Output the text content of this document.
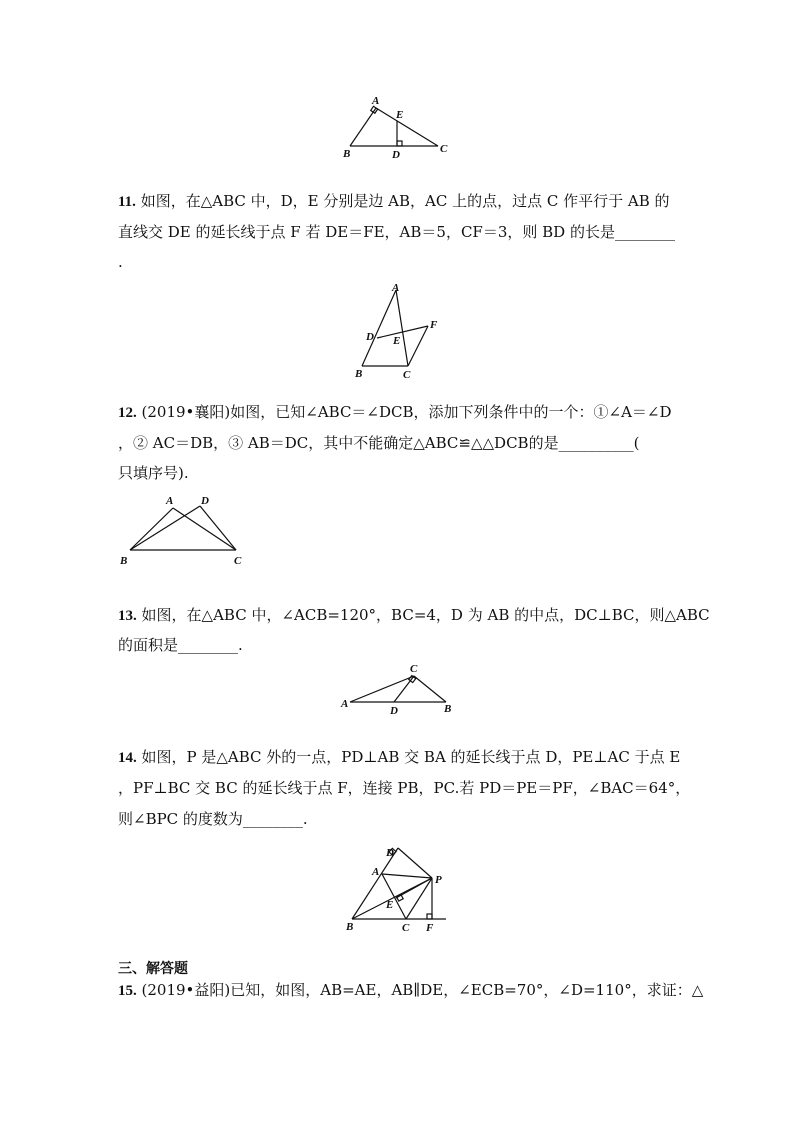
A
E
B	D	C
11. 如图，在△ABC 中，D，E 分别是边 AB，AC 上的点，过点 C 作平行于 AB 的
直线交 DE 的延长线于点 F 若 DE＝FE，AB＝5，CF＝3，则 BD 的长是________
.
A
D E
F
B	C
12. (2019•襄阳)如图，已知∠ABC＝∠DCB，添加下列条件中的一个：①∠A＝∠D
，② AC＝DB，③ AB＝DC，其中不能确定△ABC≌△△DCB的是__________(
只填序号).
A	D
B	C
13. 如图，在△ABC 中，∠ACB=120°，BC=4，D 为 AB 的中点，DC⊥BC，则△ABC
的面积是________.
C
A
D	B
14. 如图，P 是△ABC 外的一点，PD⊥AB 交 BA 的延长线于点 D，PE⊥AC 于点 E
，PF⊥BC 交 BC 的延长线于点 F，连接 PB，PC.若 PD＝PE＝PF，∠BAC＝64°，
则∠BPC 的度数为________.
D
A
P
E
B	C F
三、解答题
15. (2019•益阳)已知，如图，AB=AE，AB∥DE，∠ECB=70°，∠D=110°，求证：△
